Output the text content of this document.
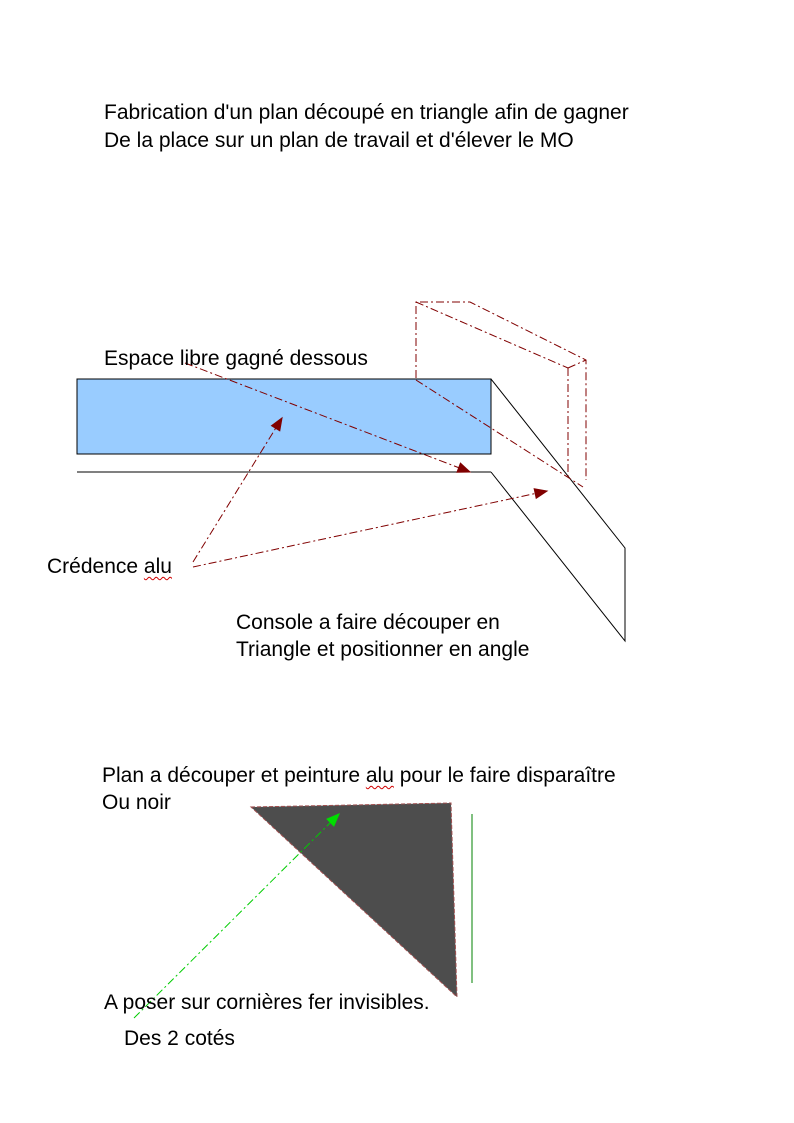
Fabrication d'un plan découpé en triangle afin de gagner
De la place sur un plan de travail et d'élever le MO
Espace libre gagné dessous
Crédence alu
Console a faire découper en
Triangle et positionner en angle
Plan a découper et peinture alu pour le faire disparaître
Ou noir
A poser sur cornières fer invisibles.
Des 2 cotés
